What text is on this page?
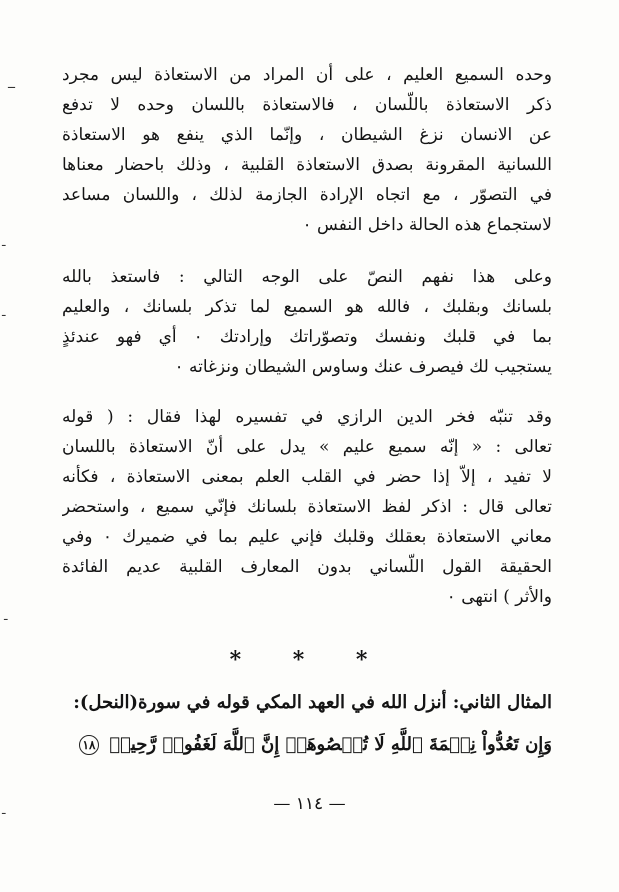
وحده السميع العليم ، على أن المراد من الاستعاذة ليس مجرد
ذكر الاستعاذة باللّسان ، فالاستعاذة باللسان وحده لا تدفع
عن الانسان نزغ الشيطان ، وإنّما الذي ينفع هو الاستعاذة
اللسانية المقرونة بصدق الاستعاذة القلبية ، وذلك باحضار معناها
في التصوّر ، مع اتجاه الإرادة الجازمة لذلك ، واللسان مساعد
لاستجماع هذه الحالة داخل النفس ٠
وعلى هذا نفهم النصّ على الوجه التالي : فاستعذ بالله
بلسانك وبقلبك ، فالله هو السميع لما تذكر بلسانك ، والعليم
بما في قلبك ونفسك وتصوّراتك وإرادتك ٠ أي فهو عندئذٍ
يستجيب لك فيصرف عنك وساوس الشيطان ونزغاته ٠
وقد تنبّه فخر الدين الرازي في تفسيره لهذا فقال : ( قوله
تعالى : « إنّه سميع عليم » يدل على أنّ الاستعاذة باللسان
لا تفيد ، إلاّ إذا حضر في القلب العلم بمعنى الاستعاذة ، فكأنه
تعالى قال : اذكر لفظ الاستعاذة بلسانك فإنّي سميع ، واستحضر
معاني الاستعاذة بعقلك وقلبك فإني عليم بما في ضميرك ٠ وفي
الحقيقة القول اللّساني بدون المعارف القلبية عديم الفائدة
والأثر ) انتهى ٠
* * *
المثال الثاني: أنزل الله في العهد المكي قوله في سورة(النحل):
وَإِن تَعُدُّواْ نِعۡمَةَ ٱللَّهِ لَا تُحۡصُوهَآۗ إِنَّ ٱللَّهَ لَغَفُورٞ رَّحِيمٞ ١٨
— ١١٤ —
ــ
ـ
ـ
ـ
ـ
